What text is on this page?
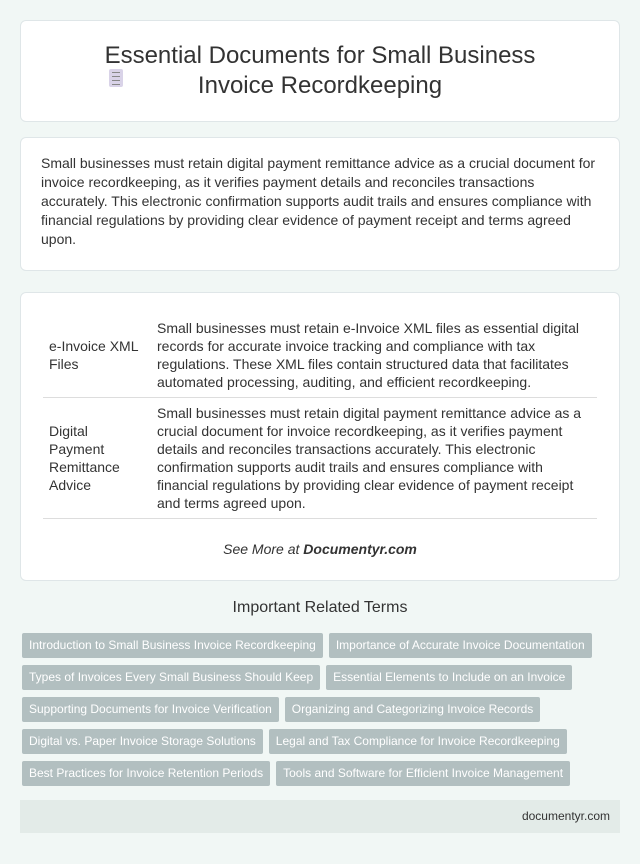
Essential Documents for Small Business Invoice Recordkeeping

Small businesses must retain digital payment remittance advice as a crucial document for invoice recordkeeping, as it verifies payment details and reconciles transactions accurately. This electronic confirmation supports audit trails and ensures compliance with financial regulations by providing clear evidence of payment receipt and terms agreed upon.

e-Invoice XML Files	Small businesses must retain e-Invoice XML files as essential digital records for accurate invoice tracking and compliance with tax regulations. These XML files contain structured data that facilitates automated processing, auditing, and efficient recordkeeping.
Digital Payment Remittance Advice	Small businesses must retain digital payment remittance advice as a crucial document for invoice recordkeeping, as it verifies payment details and reconciles transactions accurately. This electronic confirmation supports audit trails and ensures compliance with financial regulations by providing clear evidence of payment receipt and terms agreed upon.
See More at Documentyr.com
Important Related Terms
Introduction to Small Business Invoice Recordkeeping	Importance of Accurate Invoice Documentation
Types of Invoices Every Small Business Should Keep	Essential Elements to Include on an Invoice
Supporting Documents for Invoice Verification	Organizing and Categorizing Invoice Records
Digital vs. Paper Invoice Storage Solutions	Legal and Tax Compliance for Invoice Recordkeeping
Best Practices for Invoice Retention Periods	Tools and Software for Efficient Invoice Management
documentyr.com
